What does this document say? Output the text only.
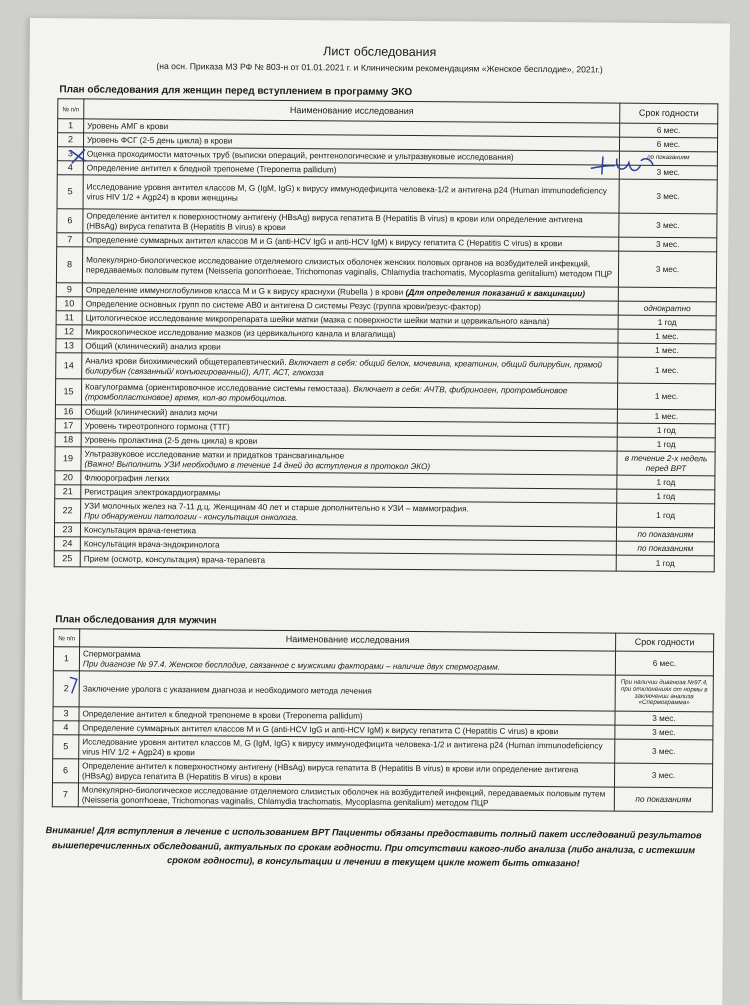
Лист обследования
(на осн. Приказа МЗ РФ № 803-н от 01.01.2021 г. и Клиническим рекомендациям «Женское бесплодие», 2021г.)
План обследования для женщин перед вступлением в программу ЭКО
№ п/п	Наименование исследования	Срок годности
1	Уровень АМГ в крови	6 мес.
2	Уровень ФСГ (2-5 день цикла) в крови	6 мес.
3	Оценка проходимости маточных труб (выписки операций, рентгенологические и ультразвуковые исследования)	по показаниям
4	Определение антител к бледной трепонеме (Treponema pallidum)	3 мес.
5	Исследование уровня антител классов M, G (IgM, IgG) к вирусу иммунодефицита человека-1/2 и антигена p24 (Human immunodeficiency virus HIV 1/2 + Agp24) в крови женщины	3 мес.
6	Определение антител к поверхностному антигену (HBsAg) вируса гепатита B (Hepatitis B virus) в крови или определение антигена (HBsAg) вируса гепатита B (Hepatitis B virus) в крови	3 мес.
7	Определение суммарных антител классов M и G (anti-HCV IgG и anti-HCV IgM) к вирусу гепатита C (Hepatitis C virus) в крови	3 мес.
8	Молекулярно-биологическое исследование отделяемого слизистых оболочек женских половых органов на возбудителей инфекций, передаваемых половым путем (Neisseria gonorrhoeae, Trichomonas vaginalis, Chlamydia trachomatis, Mycoplasma genitalium) методом ПЦР	3 мес.
9	Определение иммуноглобулинов класса M и G к вирусу краснухи (Rubella ) в крови (Для определения показаний к вакцинации)	
10	Определение основных групп по системе AB0 и антигена D системы Резус (группа крови/резус-фактор)	однократно
11	Цитологическое исследование микропрепарата шейки матки (мазка с поверхности шейки матки и цервикального канала)	1 год
12	Микроскопическое исследование мазков (из цервикального канала и влагалища)	1 мес.
13	Общий (клинический) анализ крови	1 мес.
14	Анализ крови биохимический общетерапевтический. Включает в себя: общий белок, мочевина, креатинин, общий билирубин, прямой билирубин (связанный/ конъюгированный), АЛТ, АСТ, глюкоза	1 мес.
15	Коагулограмма (ориентировочное исследование системы гемостаза). Включает в себя: АЧТВ, фибриноген, протромбиновое (тромбопластиновое) время, кол-во тромбоцитов.	1 мес.
16	Общий (клинический) анализ мочи	1 мес.
17	Уровень тиреотропного гормона (ТТГ)	1 год
18	Уровень пролактина (2-5 день цикла) в крови	1 год
19	Ультразвуковое исследование матки и придатков трансвагинальное
(Важно! Выполнить УЗИ необходимо в течение 14 дней до вступления в протокол ЭКО)	в течение 2-х недель перед ВРТ
20	Флюорография легких	1 год
21	Регистрация электрокардиограммы	1 год
22	УЗИ молочных желез на 7-11 д.ц. Женщинам 40 лет и старше дополнительно к УЗИ – маммография.
При обнаружении патологии - консультация онколога.	1 год
23	Консультация врача-генетика	по показаниям
24	Консультация врача-эндокринолога	по показаниям
25	Прием (осмотр, консультация) врача-терапевта	1 год
План обследования для мужчин
№ п/п	Наименование исследования	Срок годности
1	Спермограмма
При диагнозе № 97.4. Женское бесплодие, связанное с мужскими факторами – наличие двух спермограмм.	6 мес.
2	Заключение уролога с указанием диагноза и необходимого метода лечения	При наличии диагноза №97.4, при отклонениях от нормы в заключении анализа «Спермограмма»
3	Определение антител к бледной трепонеме в крови (Treponema pallidum)	3 мес.
4	Определение суммарных антител классов M и G (anti-HCV IgG и anti-HCV IgM) к вирусу гепатита C (Hepatitis C virus) в крови	3 мес.
5	Исследование уровня антител классов M, G (IgM, IgG) к вирусу иммунодефицита человека-1/2 и антигена p24 (Human immunodeficiency virus HIV 1/2 + Agp24) в крови	3 мес.
6	Определение антител к поверхностному антигену (HBsAg) вируса гепатита B (Hepatitis B virus) в крови или определение антигена (HBsAg) вируса гепатита B (Hepatitis B virus) в крови	3 мес.
7	Молекулярно-биологическое исследование отделяемого слизистых оболочек на возбудителей инфекций, передаваемых половым путем (Neisseria gonorrhoeae, Trichomonas vaginalis, Chlamydia trachomatis, Mycoplasma genitalium) методом ПЦР	по показаниям
Внимание! Для вступления в лечение с использованием ВРТ Пациенты обязаны предоставить полный пакет исследований результатов вышеперечисленных обследований, актуальных по срокам годности. При отсутствии какого-либо анализа (либо анализа, с истекшим сроком годности), в консультации и лечении в текущем цикле может быть отказано!
